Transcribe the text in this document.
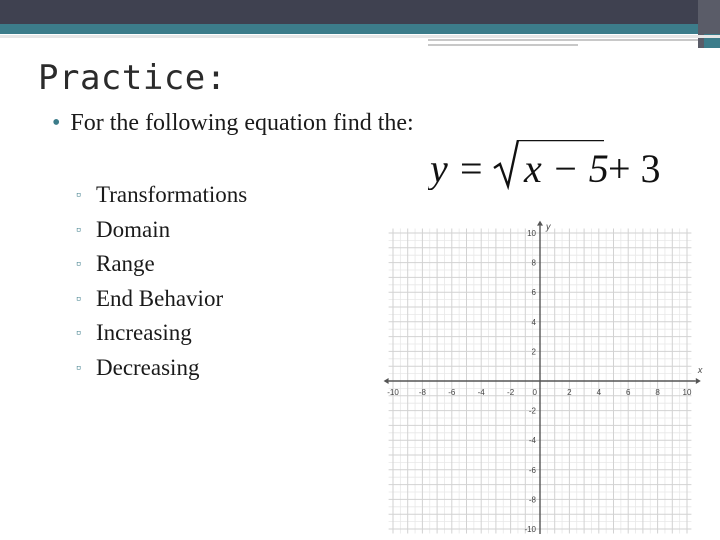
Practice:
• For the following equation find the:
y = x − 5 + 3
▫ Transformations
▫ Domain
▫ Range
▫ End Behavior
▫ Increasing
▫ Decreasing	x
y
-10	-8	-6	-4	-2 0	2	4	6	8	10
10
8
6
4
2
-2
-4
-6
-8
-10
